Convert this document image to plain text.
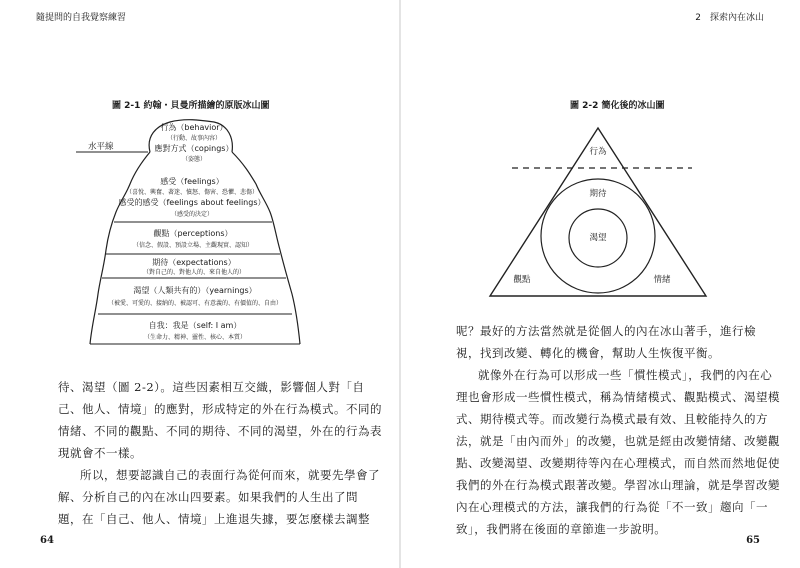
隨提問的自我覺察練習
圖 2-1 約翰・貝曼所描繪的原版冰山圖
水平線
行為（behavior）
（行動、故事內容）
應對方式（copings）
（姿態）
感受（feelings）
（喜悅、興奮、著迷、憤怒、傷害、恐懼、悲傷）
感受的感受（feelings about feelings）
（感受的決定）
觀點（perceptions）
（信念、假設、預設立場、主觀現實、認知）
期待（expectations）
（對自己的、對他人的、來自他人的）
渴望（人類共有的）（yearnings）
（被愛、可愛的、接納的、被認可、有意義的、有價值的、自由）
自我：我是（self: I am）
（生命力、精神、靈性、核心、本質）

待、渴望（圖 2-2）。這些因素相互交織，影響個人對「自

己、他人、情境」的應對，形成特定的外在行為模式。不同的

情緒、不同的觀點、不同的期待、不同的渴望，外在的行為表

現就會不一樣。

所以，想要認識自己的表面行為從何而來，就要先學會了

解、分析自己的內在冰山四要素。如果我們的人生出了問

題，在「自己、他人、情境」上進退失據，要怎麼樣去調整

64
2　探索內在冰山
圖 2-2 簡化後的冰山圖
行為
期待
渴望
觀點	情緒

呢？最好的方法當然就是從個人的內在冰山著手，進行檢

視，找到改變、轉化的機會，幫助人生恢復平衡。

就像外在行為可以形成一些「慣性模式」，我們的內在心

理也會形成一些慣性模式，稱為情緒模式、觀點模式、渴望模

式、期待模式等。而改變行為模式最有效、且較能持久的方

法，就是「由內而外」的改變，也就是經由改變情緒、改變觀

點、改變渴望、改變期待等內在心理模式，而自然而然地促使

我們的外在行為模式跟著改變。學習冰山理論，就是學習改變

內在心理模式的方法，讓我們的行為從「不一致」趨向「一

致」，我們將在後面的章節進一步說明。

65
